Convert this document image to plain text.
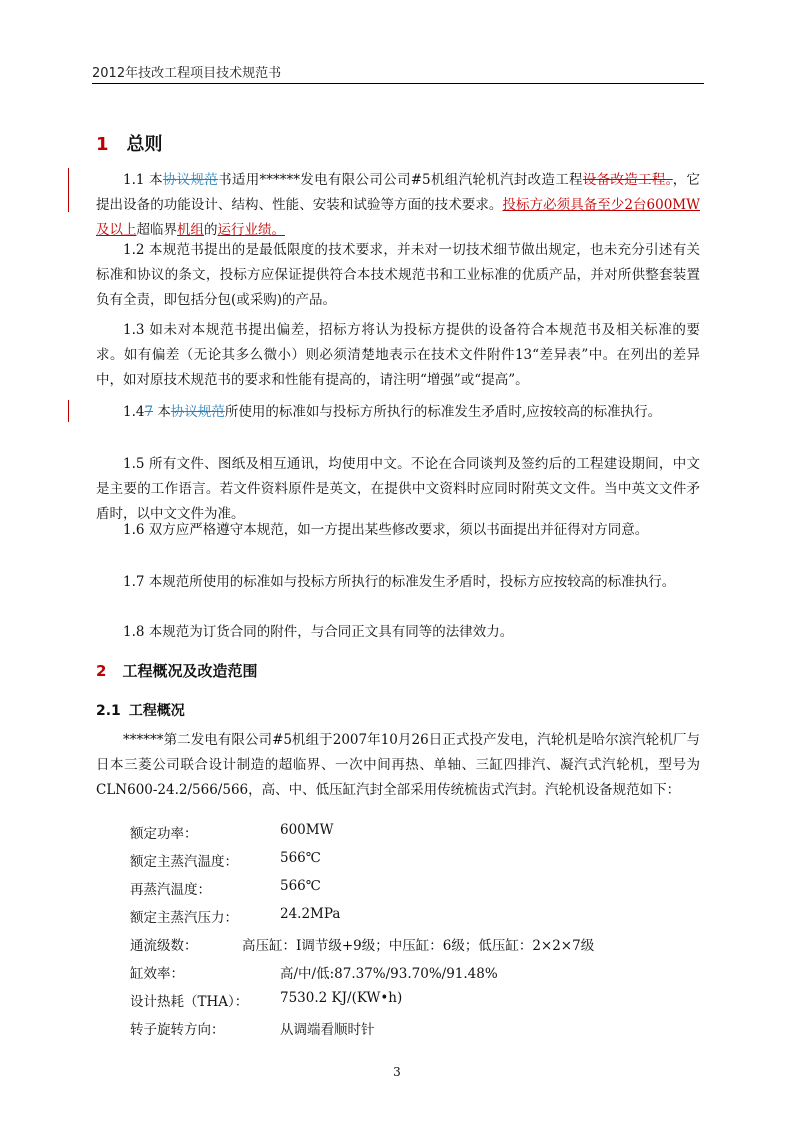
2012年技改工程项目技术规范书
1 总则
1.1 本协议规范书适用******发电有限公司公司#5机组汽轮机汽封改造工程设备改造工程。，它提出设备的功能设计、结构、性能、安装和试验等方面的技术要求。投标方必须具备至少2台600MW及以上超临界机组的运行业绩。
1.2 本规范书提出的是最低限度的技术要求，并未对一切技术细节做出规定，也未充分引述有关标准和协议的条文，投标方应保证提供符合本技术规范书和工业标准的优质产品，并对所供整套装置负有全责，即包括分包(或采购)的产品。
1.3 如未对本规范书提出偏差，招标方将认为投标方提供的设备符合本规范书及相关标准的要求。如有偏差（无论其多么微小）则必须清楚地表示在技术文件附件13“差异表”中。在列出的差异中，如对原技术规范书的要求和性能有提高的，请注明“增强”或“提高”。
1.47 本协议规范所使用的标准如与投标方所执行的标准发生矛盾时,应按较高的标准执行。
1.5 所有文件、图纸及相互通讯，均使用中文。不论在合同谈判及签约后的工程建设期间，中文是主要的工作语言。若文件资料原件是英文，在提供中文资料时应同时附英文文件。当中英文文件矛盾时，以中文文件为准。
1.6 双方应严格遵守本规范，如一方提出某些修改要求，须以书面提出并征得对方同意。
1.7 本规范所使用的标准如与投标方所执行的标准发生矛盾时，投标方应按较高的标准执行。
1.8 本规范为订货合同的附件，与合同正文具有同等的法律效力。
2 工程概况及改造范围
2.1 工程概况
******第二发电有限公司#5机组于2007年10月26日正式投产发电，汽轮机是哈尔滨汽轮机厂与日本三菱公司联合设计制造的超临界、一次中间再热、单轴、三缸四排汽、凝汽式汽轮机，型号为CLN600-24.2/566/566，高、中、低压缸汽封全部采用传统梳齿式汽封。汽轮机设备规范如下：
额定功率：	600MW
额定主蒸汽温度：	566℃
再蒸汽温度：	566℃
额定主蒸汽压力：	24.2MPa
通流级数：	高压缸：Ⅰ调节级+9级；中压缸：6级；低压缸：2×2×7级
缸效率：	高/中/低:87.37%/93.70%/91.48%
设计热耗（THA）： 7530.2 KJ/(KW•h)
转子旋转方向：	从调端看顺时针
3
